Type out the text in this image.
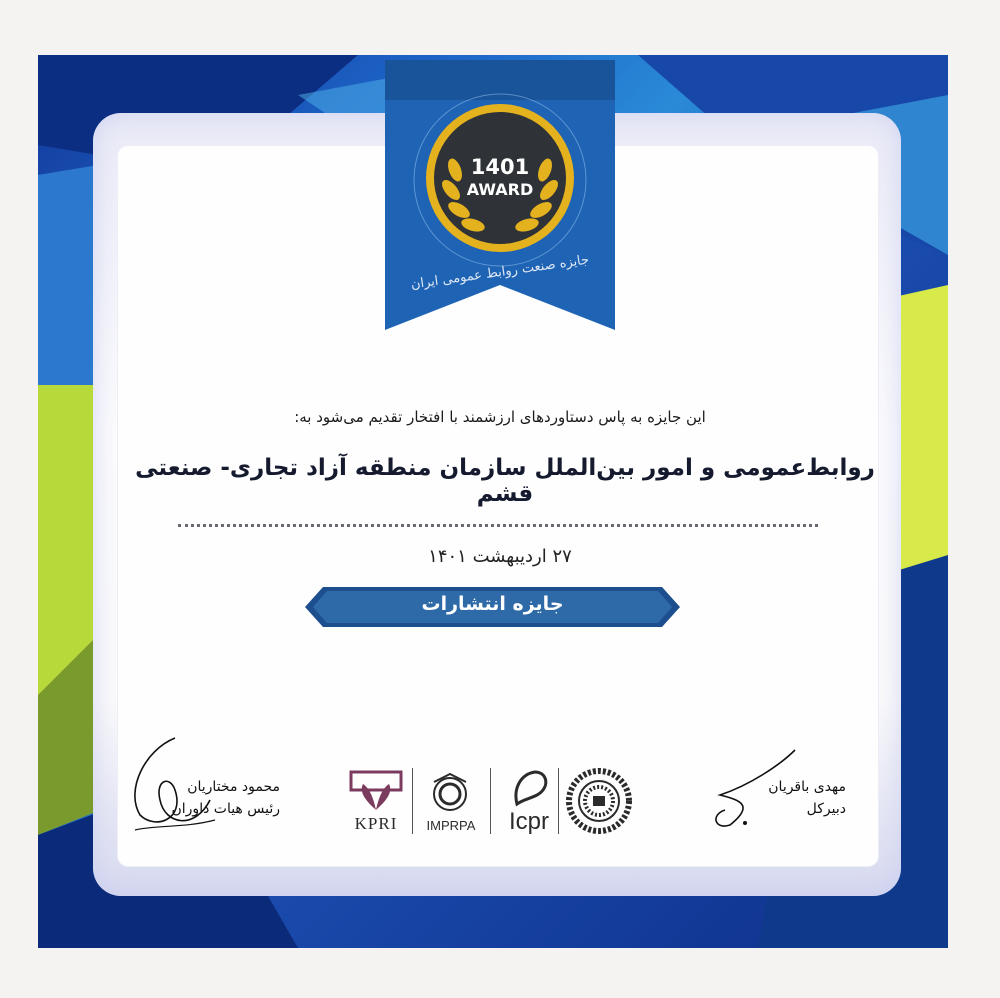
1401
AWARD
جایزه صنعت روابط عمومی ایران
این جایزه به پاس دستاوردهای ارزشمند با افتخار تقدیم می‌شود به:
روابط‌عمومی و امور بین‌الملل سازمان منطقه آزاد تجاری- صنعتی قشم
۲۷ اردیبهشت ۱۴۰۱
جایزه انتشارات
محمود مختاریان
رئیس هیات داوران
مهدی باقریان
دبیرکل
KPRI	IMPRPA	Icpr
